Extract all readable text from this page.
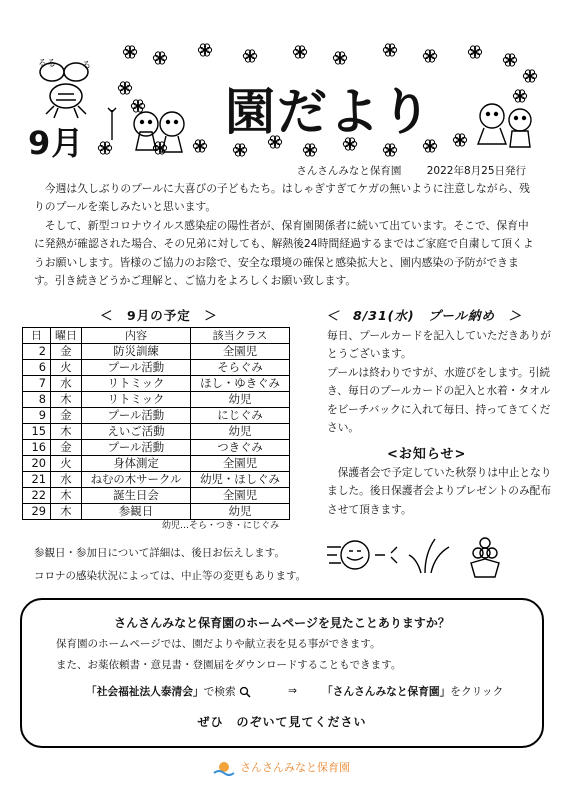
るる	る
9月
園だより
さんさんみなと保育園 2022年8月25日発行

今週は久しぶりのプールに大喜びの子どもたち。はしゃぎすぎてケガの無いように注意しながら、残りのプールを楽しみたいと思います。

そして、新型コロナウイルス感染症の陽性者が、保育園関係者に続いて出ています。そこで、保育中に発熱が確認された場合、その兄弟に対しても、解熱後24時間経過するまではご家庭で自粛して頂くようお願いします。皆様のご協力のお陰で、安全な環境の確保と感染拡大と、園内感染の予防ができます。引き続きどうかご理解と、ご協力をよろしくお願い致します。

＜　9月の予定　＞
日	曜日	内容	該当クラス
2	金	防災訓練	全園児
6	火	プール活動	そらぐみ
7	水	リトミック	ほし・ゆきぐみ
8	木	リトミック	幼児
9	金	プール活動	にじぐみ
15	木	えいご活動	幼児
16	金	プール活動	つきぐみ
20	火	身体測定	全園児
21	水	ねむの木サークル	幼児・ほしぐみ
22	木	誕生日会	全園児
29	木	参観日	幼児
幼児…そら・つき・にじぐみ
＜　8/31(水)　プール納め　＞

毎日、プールカードを記入していただきありがとうございます。

プールは終わりですが、水遊びをします。引続き、毎日のプールカードの記入と水着・タオルをビーチバックに入れて毎日、持ってきてください。

<お知らせ>

保護者会で予定していた秋祭りは中止となりました。後日保護者会よりプレゼントのみ配布させて頂きます。

参観日・参加日について詳細は、後日お伝えします。
コロナの感染状況によっては、中止等の変更もあります。
さんさんみなと保育園のホームページを見たことありますか？
保育園のホームページでは、園だよりや献立表を見る事ができます。
また、お薬依頼書・意見書・登園届をダウンロードすることもできます。
「社会福祉法人泰清会」で検索	⇒ 「さんさんみなと保育園」をクリック
ぜひ　のぞいて見てください
さんさんみなと保育園
